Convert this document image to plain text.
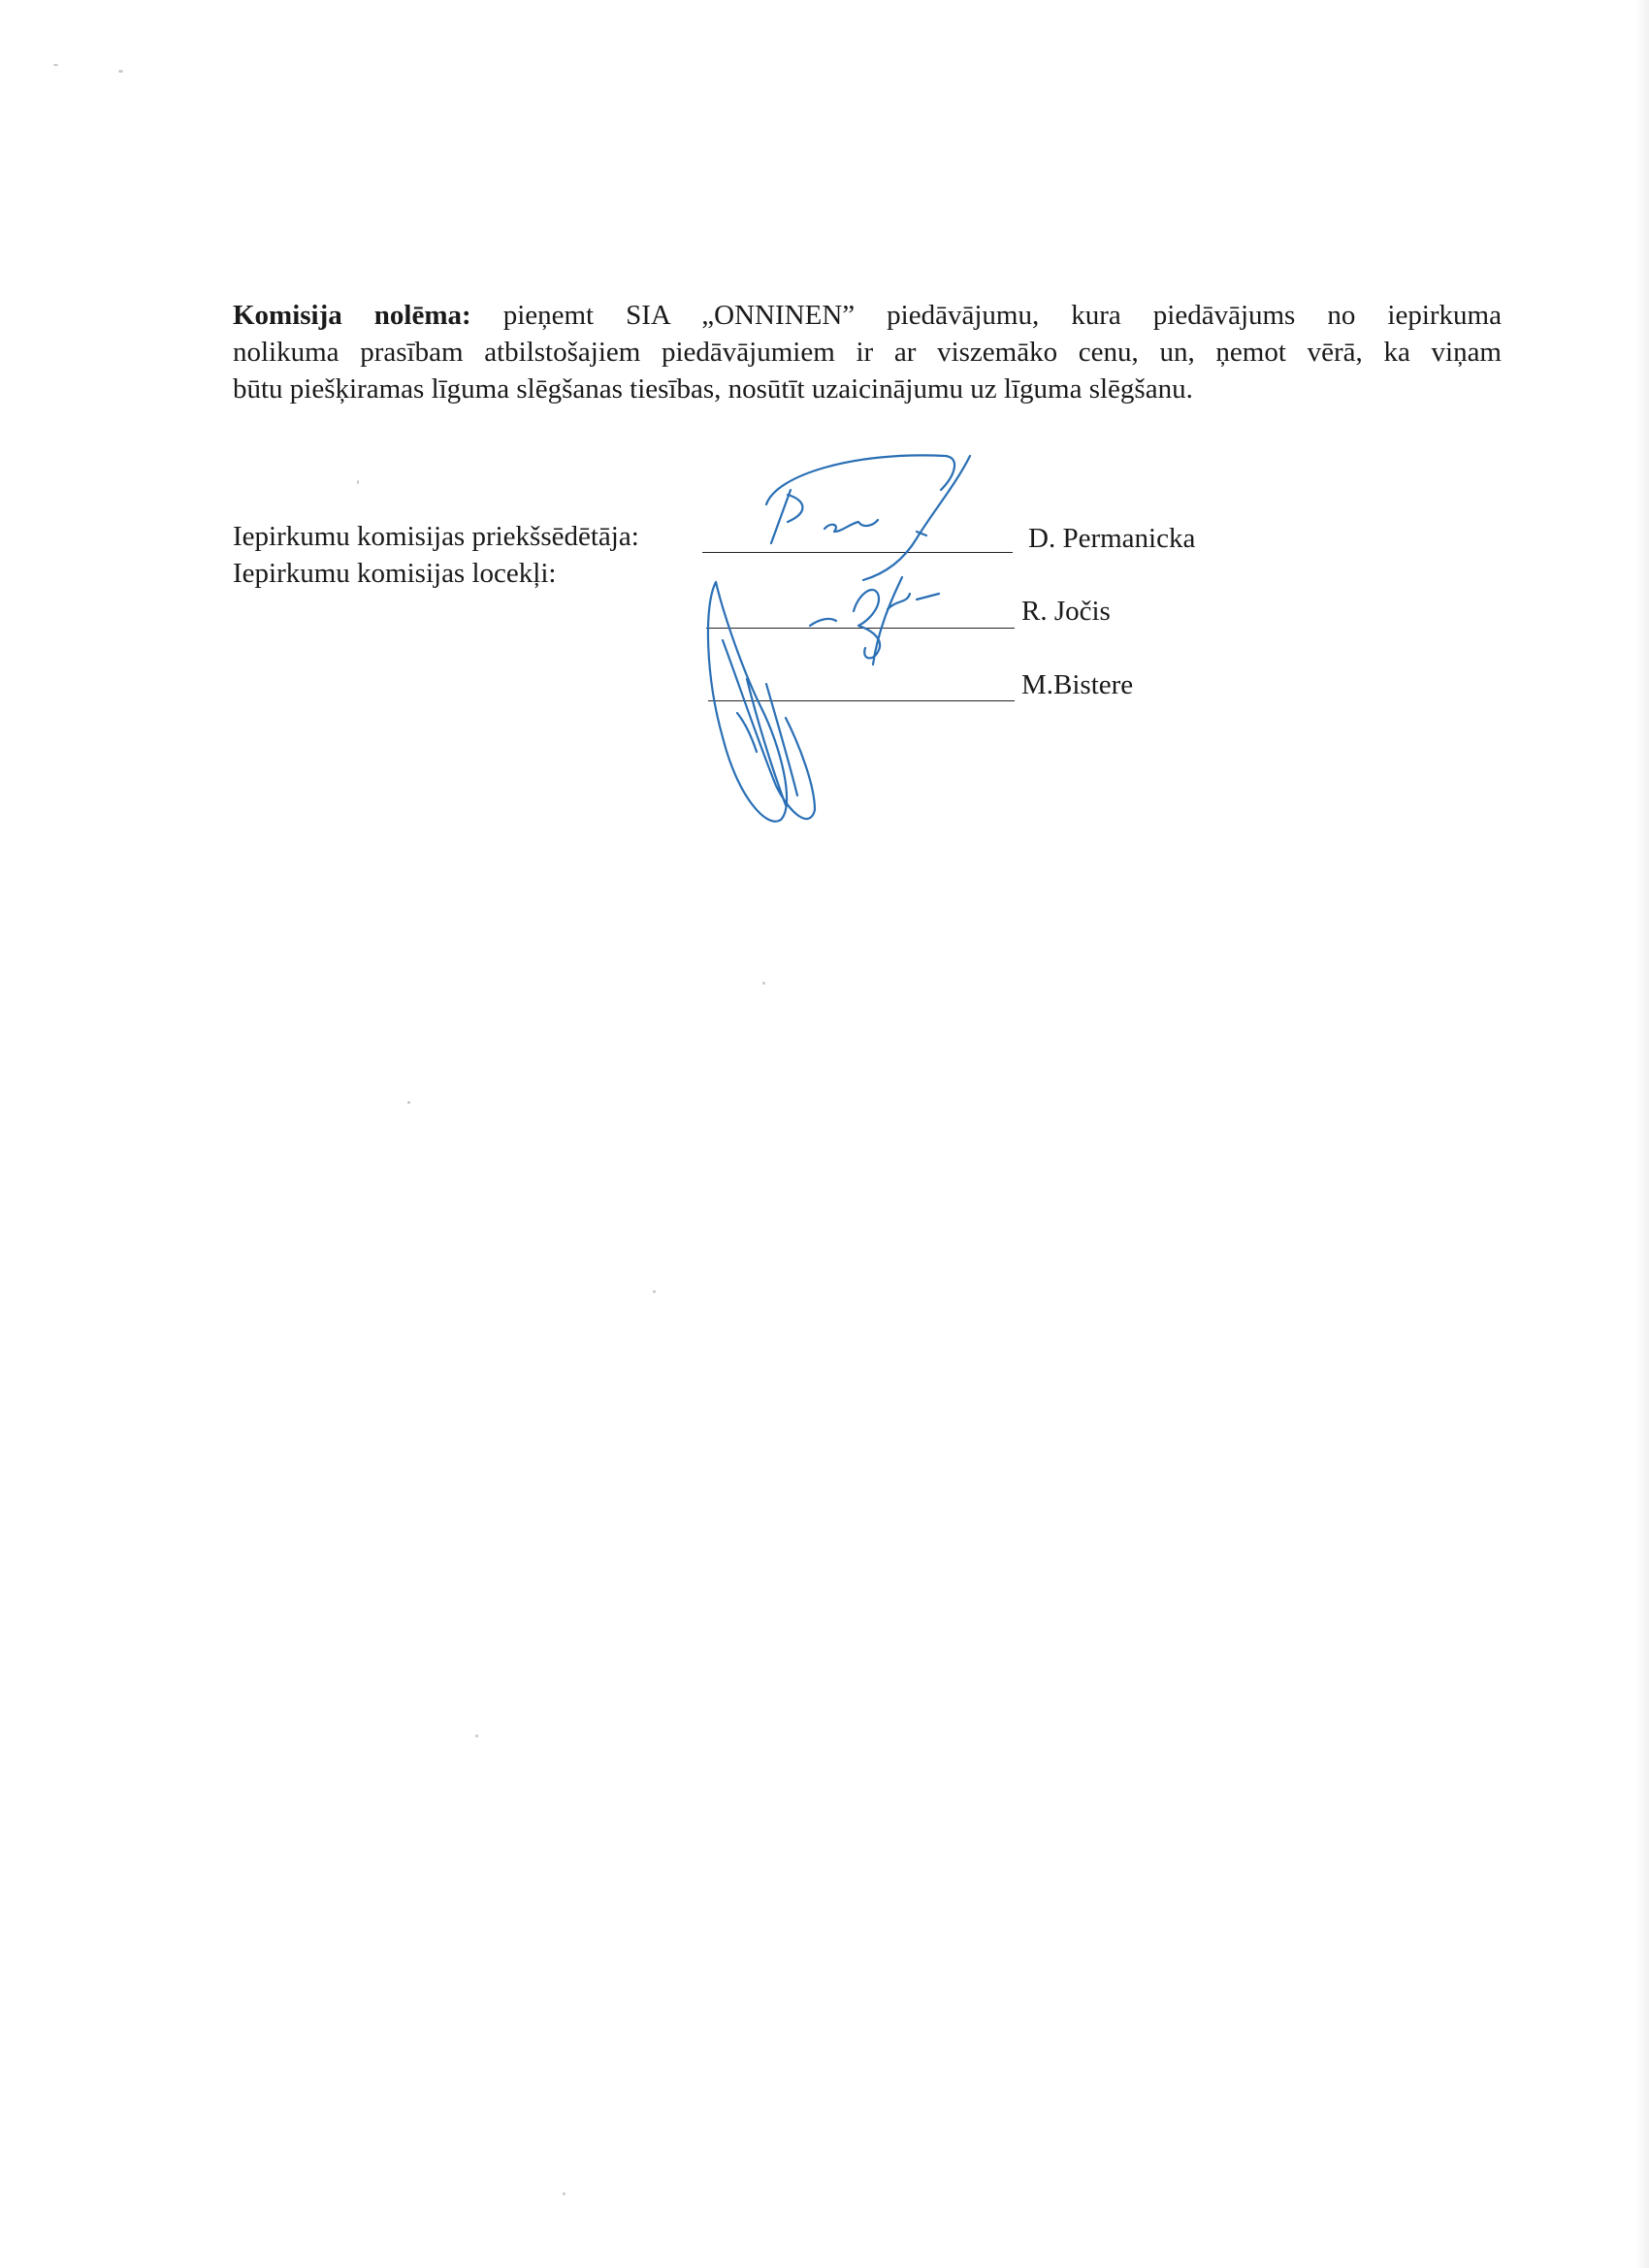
Komisija nolēma: pieņemt SIA „ONNINEN” piedāvājumu, kura piedāvājums no iepirkuma
nolikuma prasībam atbilstošajiem piedāvājumiem ir ar viszemāko cenu, un, ņemot vērā, ka viņam
būtu piešķiramas līguma slēgšanas tiesības, nosūtīt uzaicinājumu uz līguma slēgšanu.
Iepirkumu komisijas priekšsēdētāja:
Iepirkumu komisijas locekļi:
D. Permanicka
R. Jočis
M.Bistere
